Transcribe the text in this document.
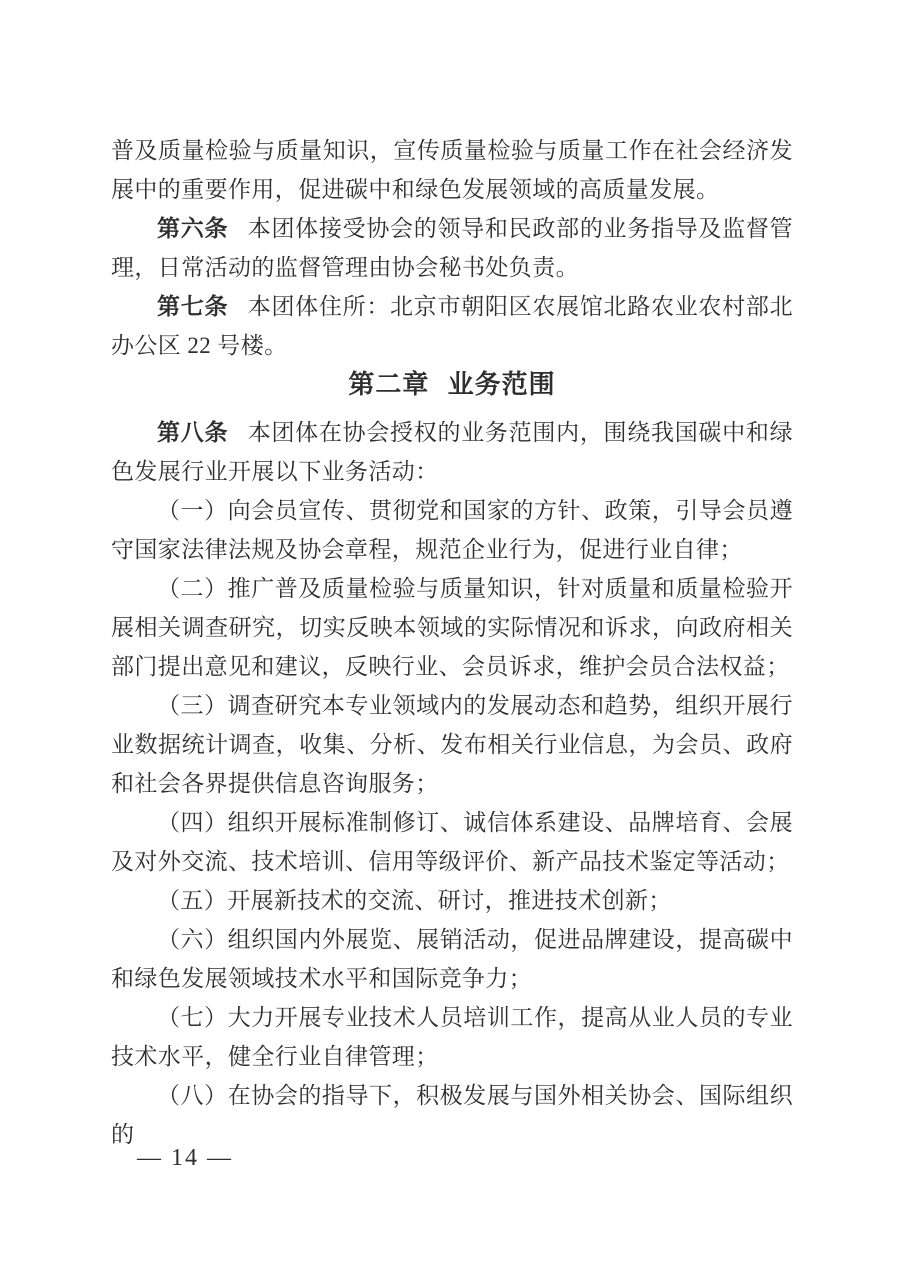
普及质量检验与质量知识，宣传质量检验与质量工作在社会经济发展中的重要作用，促进碳中和绿色发展领域的高质量发展。

第六条 本团体接受协会的领导和民政部的业务指导及监督管理，日常活动的监督管理由协会秘书处负责。

第七条 本团体住所：北京市朝阳区农展馆北路农业农村部北办公区 22 号楼。

第二章 业务范围

第八条 本团体在协会授权的业务范围内，围绕我国碳中和绿色发展行业开展以下业务活动：

（一）向会员宣传、贯彻党和国家的方针、政策，引导会员遵守国家法律法规及协会章程，规范企业行为，促进行业自律；

（二）推广普及质量检验与质量知识，针对质量和质量检验开展相关调查研究，切实反映本领域的实际情况和诉求，向政府相关部门提出意见和建议，反映行业、会员诉求，维护会员合法权益；

（三）调查研究本专业领域内的发展动态和趋势，组织开展行业数据统计调查，收集、分析、发布相关行业信息，为会员、政府和社会各界提供信息咨询服务；

（四）组织开展标准制修订、诚信体系建设、品牌培育、会展及对外交流、技术培训、信用等级评价、新产品技术鉴定等活动；

（五）开展新技术的交流、研讨，推进技术创新；

（六）组织国内外展览、展销活动，促进品牌建设，提高碳中和绿色发展领域技术水平和国际竞争力；

（七）大力开展专业技术人员培训工作，提高从业人员的专业技术水平，健全行业自律管理；

（八）在协会的指导下，积极发展与国外相关协会、国际组织的

— 14 —
